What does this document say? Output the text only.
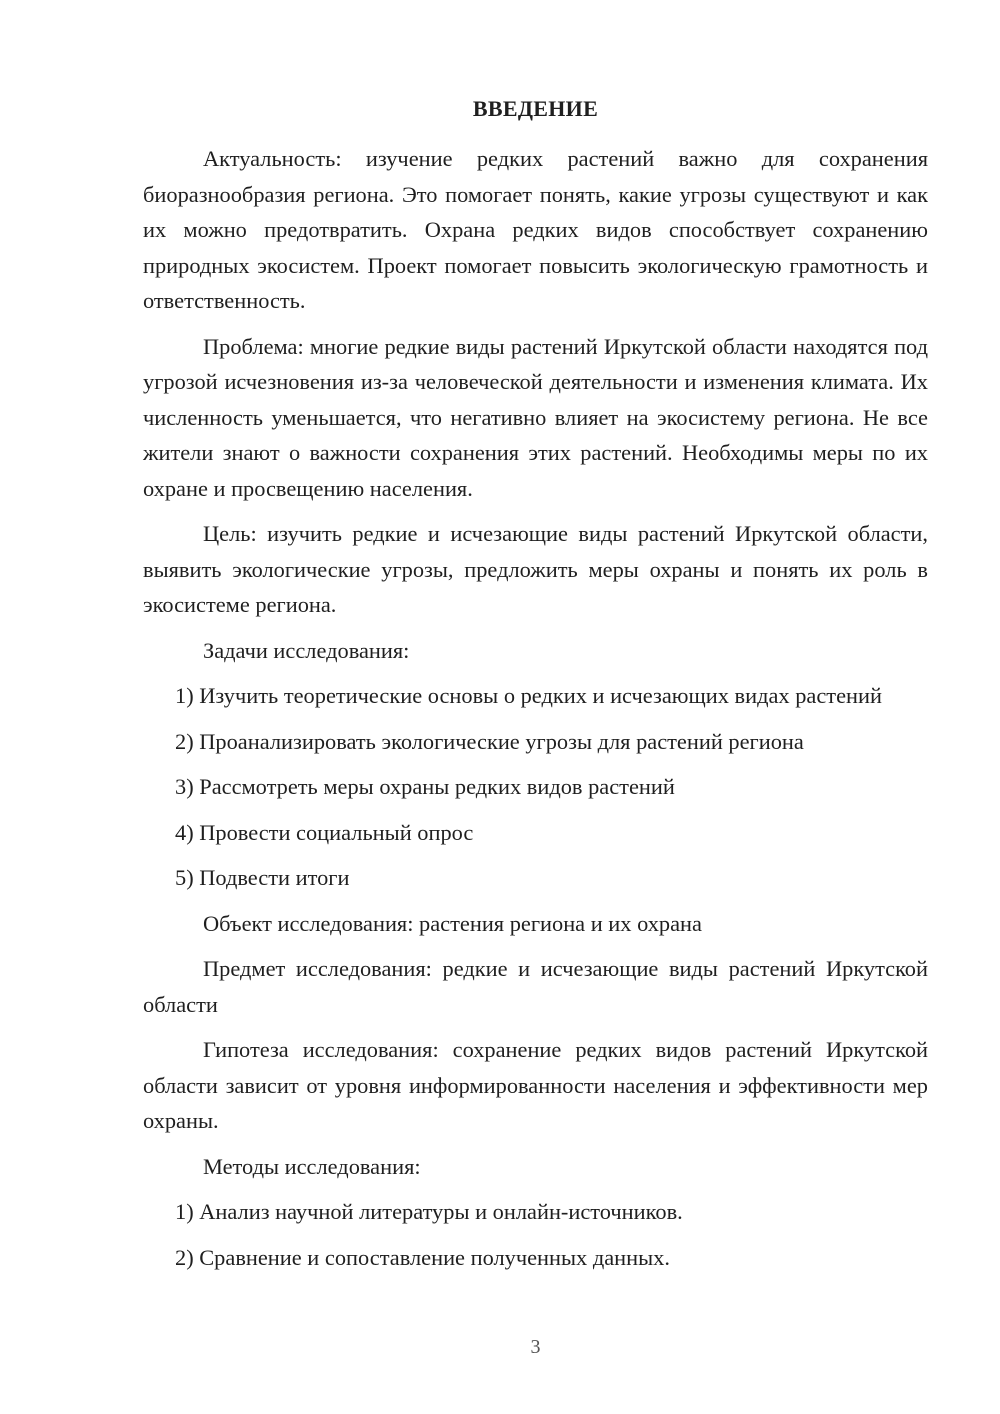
ВВЕДЕНИЕ

Актуальность: изучение редких растений важно для сохранения биоразнообразия региона. Это помогает понять, какие угрозы существуют и как их можно предотвратить. Охрана редких видов способствует сохранению природных экосистем. Проект помогает повысить экологическую грамотность и ответственность.

Проблема: многие редкие виды растений Иркутской области находятся под угрозой исчезновения из-за человеческой деятельности и изменения климата. Их численность уменьшается, что негативно влияет на экосистему региона. Не все жители знают о важности сохранения этих растений. Необходимы меры по их охране и просвещению населения.

Цель: изучить редкие и исчезающие виды растений Иркутской области, выявить экологические угрозы, предложить меры охраны и понять их роль в экосистеме региона.

Задачи исследования:

1) Изучить теоретические основы о редких и исчезающих видах растений

2) Проанализировать экологические угрозы для растений региона

3) Рассмотреть меры охраны редких видов растений

4) Провести социальный опрос

5) Подвести итоги

Объект исследования: растения региона и их охрана

Предмет исследования: редкие и исчезающие виды растений Иркутской области

Гипотеза исследования: сохранение редких видов растений Иркутской области зависит от уровня информированности населения и эффективности мер охраны.

Методы исследования:

1) Анализ научной литературы и онлайн-источников.

2) Сравнение и сопоставление полученных данных.

3
